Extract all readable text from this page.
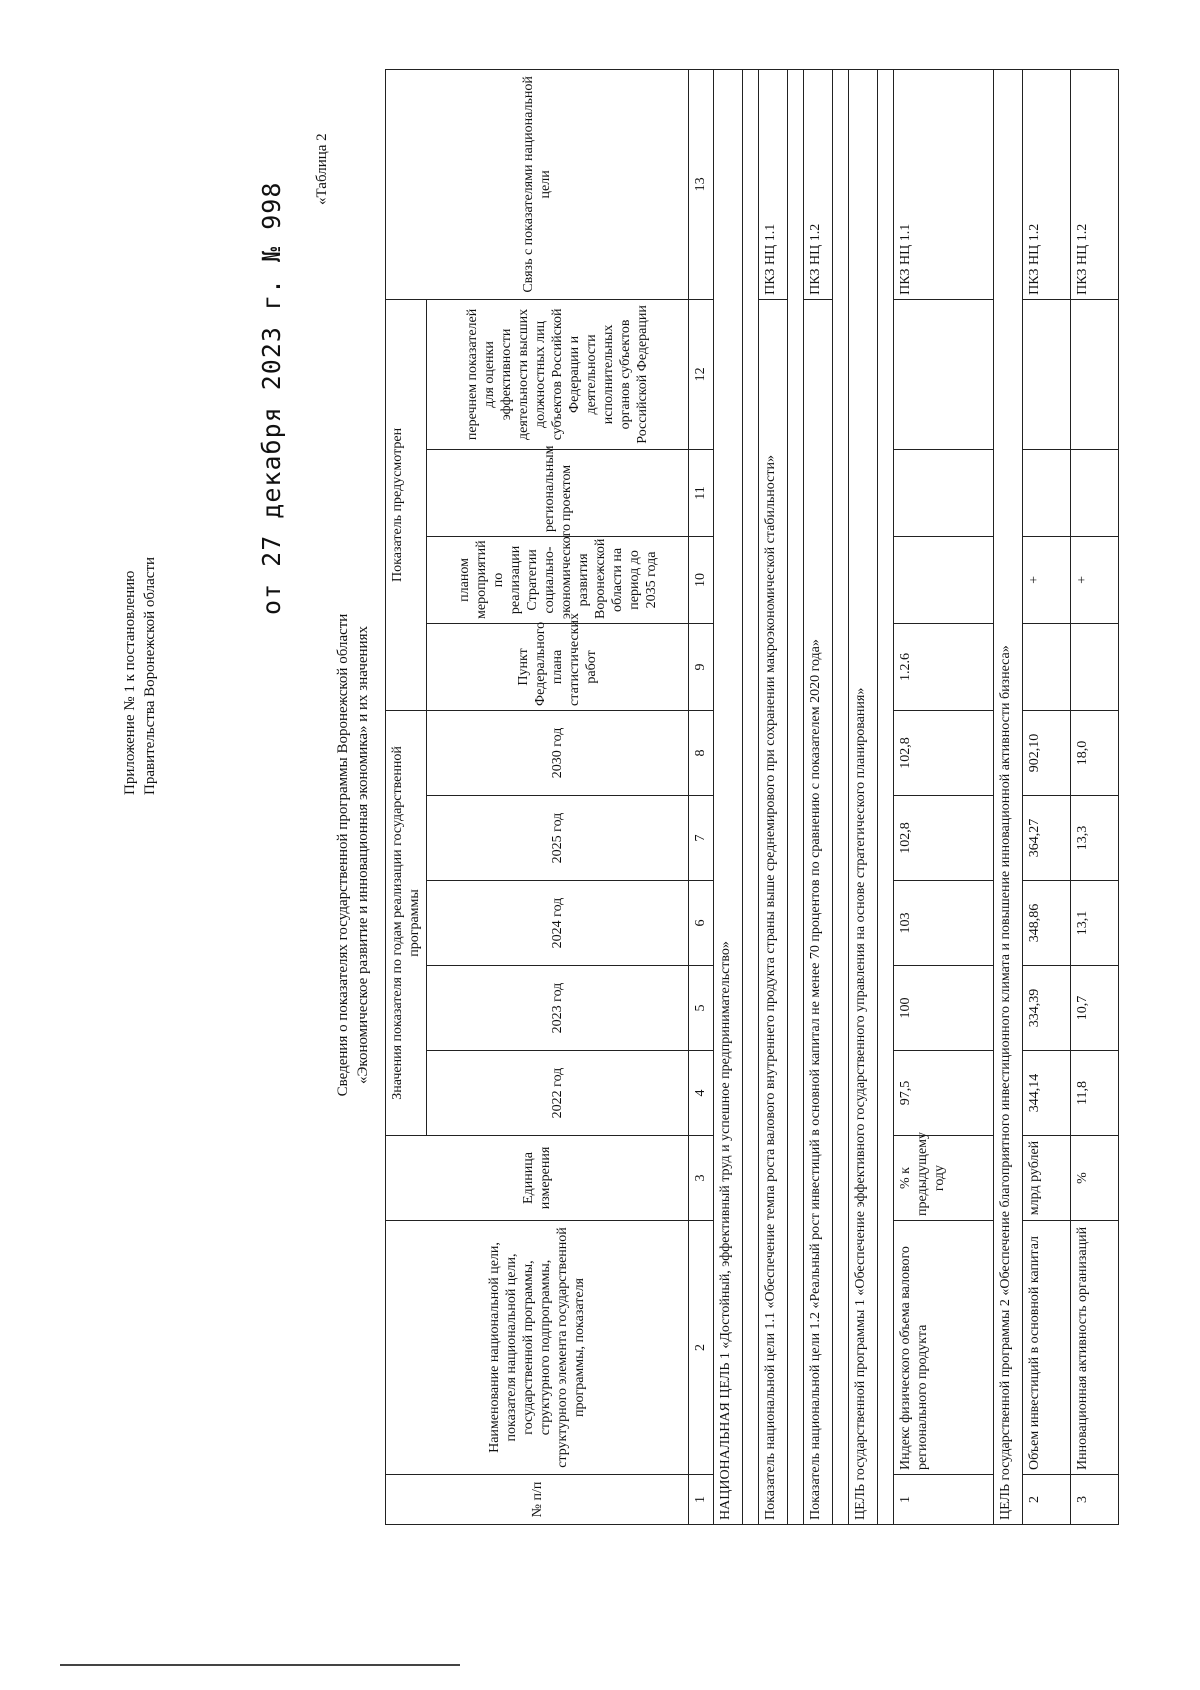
Приложение № 1 к постановлению Правительства Воронежской области
от 27 декабря 2023 г. № 998
«Таблица 2
Сведения о показателях государственной программы Воронежской области «Экономическое развитие и инновационная экономика» и их значениях
№ п/п	Наименование национальной цели, показателя национальной цели, государственной программы, структурного подпрограммы, структурного элемента государственной программы, показателя	Единица измерения	Значения показателя по годам реализации государственной программы					Показатель предусмотрен				Связь с показателями национальной цели
			2022 год	2023 год	2024 год	2025 год	2030 год	Пункт Федерального плана статистических работ	планом мероприятий по реализации Стратегии социально-экономического развития Воронежской области на период до 2035 года	региональным проектом	перечнем показателей для оценки эффективности деятельности высших должностных лиц субъектов Российской Федерации и деятельности исполнительных органов субъектов Российской Федерации	
1	2	3	4	5	6	7	8	9	10	11	12	13
НАЦИОНАЛЬНАЯ ЦЕЛЬ 1 «Достойный, эффективный труд и успешное предпринимательство»												

Показатель национальной цели 1.1 «Обеспечение темпа роста валового внутреннего продукта страны выше среднемирового при сохранении макроэкономической стабильности»												ПКЗ НЦ 1.1

Показатель национальной цели 1.2 «Реальный рост инвестиций в основной капитал не менее 70 процентов по сравнению с показателем 2020 года»												ПКЗ НЦ 1.2

ЦЕЛЬ государственной программы 1 «Обеспечение эффективного государственного управления на основе стратегического планирования»												

1	Индекс физического объема валового регионального продукта	% к предыдущему году	97,5	100	103	102,8	102,8	1.2.6				ПКЗ НЦ 1.1
ЦЕЛЬ государственной программы 2 «Обеспечение благоприятного инвестиционного климата и повышение инновационной активности бизнеса»												
2	Объем инвестиций в основной капитал	млрд рублей	344,14	334,39	348,86	364,27	902,10		+			ПКЗ НЦ 1.2
3	Инновационная активность организаций	%	11,8	10,7	13,1	13,3	18,0		+			ПКЗ НЦ 1.2
